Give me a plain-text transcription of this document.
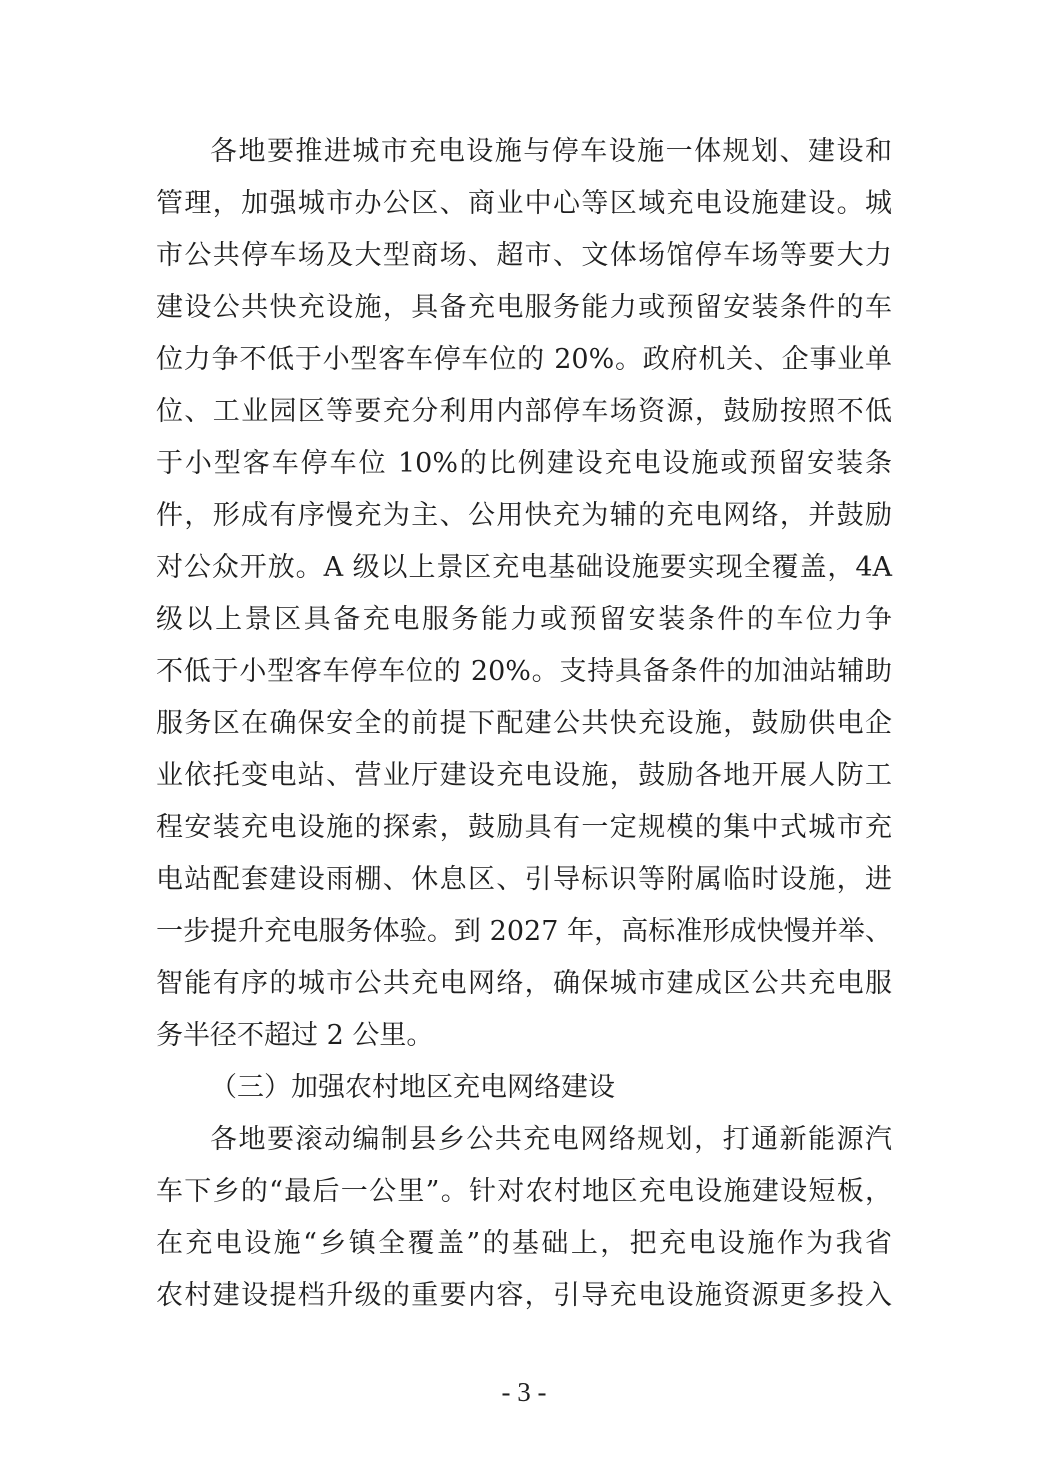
各地要推进城市充电设施与停车设施一体规划、建设和
管理，加强城市办公区、商业中心等区域充电设施建设。城
市公共停车场及大型商场、超市、文体场馆停车场等要大力
建设公共快充设施，具备充电服务能力或预留安装条件的车
位力争不低于小型客车停车位的 20%。政府机关、企事业单
位、工业园区等要充分利用内部停车场资源，鼓励按照不低
于小型客车停车位 10%的比例建设充电设施或预留安装条
件，形成有序慢充为主、公用快充为辅的充电网络，并鼓励
对公众开放。A 级以上景区充电基础设施要实现全覆盖，4A
级以上景区具备充电服务能力或预留安装条件的车位力争
不低于小型客车停车位的 20%。支持具备条件的加油站辅助
服务区在确保安全的前提下配建公共快充设施，鼓励供电企
业依托变电站、营业厅建设充电设施，鼓励各地开展人防工
程安装充电设施的探索，鼓励具有一定规模的集中式城市充
电站配套建设雨棚、休息区、引导标识等附属临时设施，进
一步提升充电服务体验。到 2027 年，高标准形成快慢并举、
智能有序的城市公共充电网络，确保城市建成区公共充电服
务半径不超过 2 公里。
（三）加强农村地区充电网络建设
各地要滚动编制县乡公共充电网络规划，打通新能源汽
车下乡的“最后一公里”。针对农村地区充电设施建设短板，
在充电设施“乡镇全覆盖”的基础上，把充电设施作为我省
农村建设提档升级的重要内容，引导充电设施资源更多投入
- 3 -
